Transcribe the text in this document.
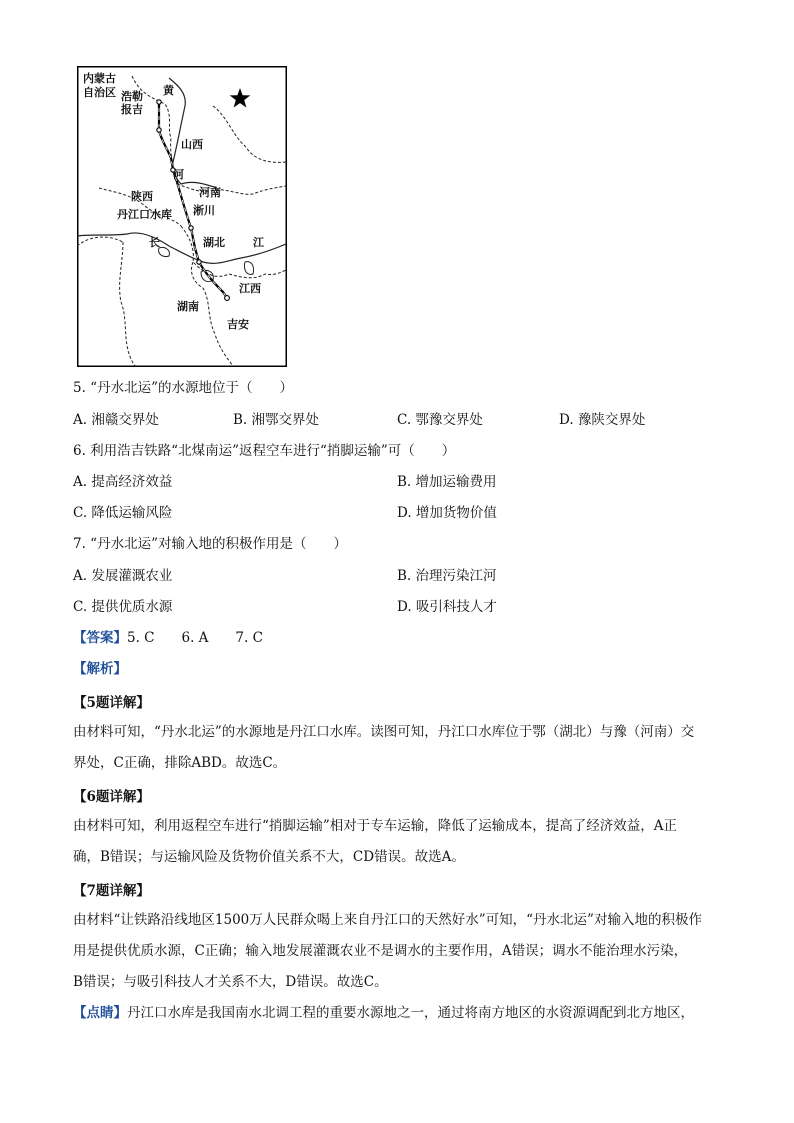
内蒙古
自治区 浩勒
报吉
黄
河
山西
陕西	河南
淅川
丹江口水库
长	江
湖北
湖南
江西
吉安
5. “丹水北运”的水源地位于（　　）
A. 湘赣交界处	B. 湘鄂交界处	C. 鄂豫交界处	D. 豫陕交界处
6. 利用浩吉铁路“北煤南运”返程空车进行“捎脚运输”可（　　）
A. 提高经济效益	B. 增加运输费用
C. 降低运输风险	D. 增加货物价值
7. “丹水北运”对输入地的积极作用是（　　）
A. 发展灌溉农业	B. 治理污染江河
C. 提供优质水源	D. 吸引科技人才
【答案】5. C　　6. A　　7. C
【解析】
【5题详解】
由材料可知，“丹水北运”的水源地是丹江口水库。读图可知，丹江口水库位于鄂（湖北）与豫（河南）交
界处，C正确，排除ABD。故选C。
【6题详解】
由材料可知，利用返程空车进行“捎脚运输”相对于专车运输，降低了运输成本，提高了经济效益，A正
确，B错误；与运输风险及货物价值关系不大，CD错误。故选A。
【7题详解】
由材料“让铁路沿线地区1500万人民群众喝上来自丹江口的天然好水”可知，“丹水北运”对输入地的积极作
用是提供优质水源，C正确；输入地发展灌溉农业不是调水的主要作用，A错误；调水不能治理水污染，
B错误；与吸引科技人才关系不大，D错误。故选C。
【点睛】丹江口水库是我国南水北调工程的重要水源地之一，通过将南方地区的水资源调配到北方地区，
